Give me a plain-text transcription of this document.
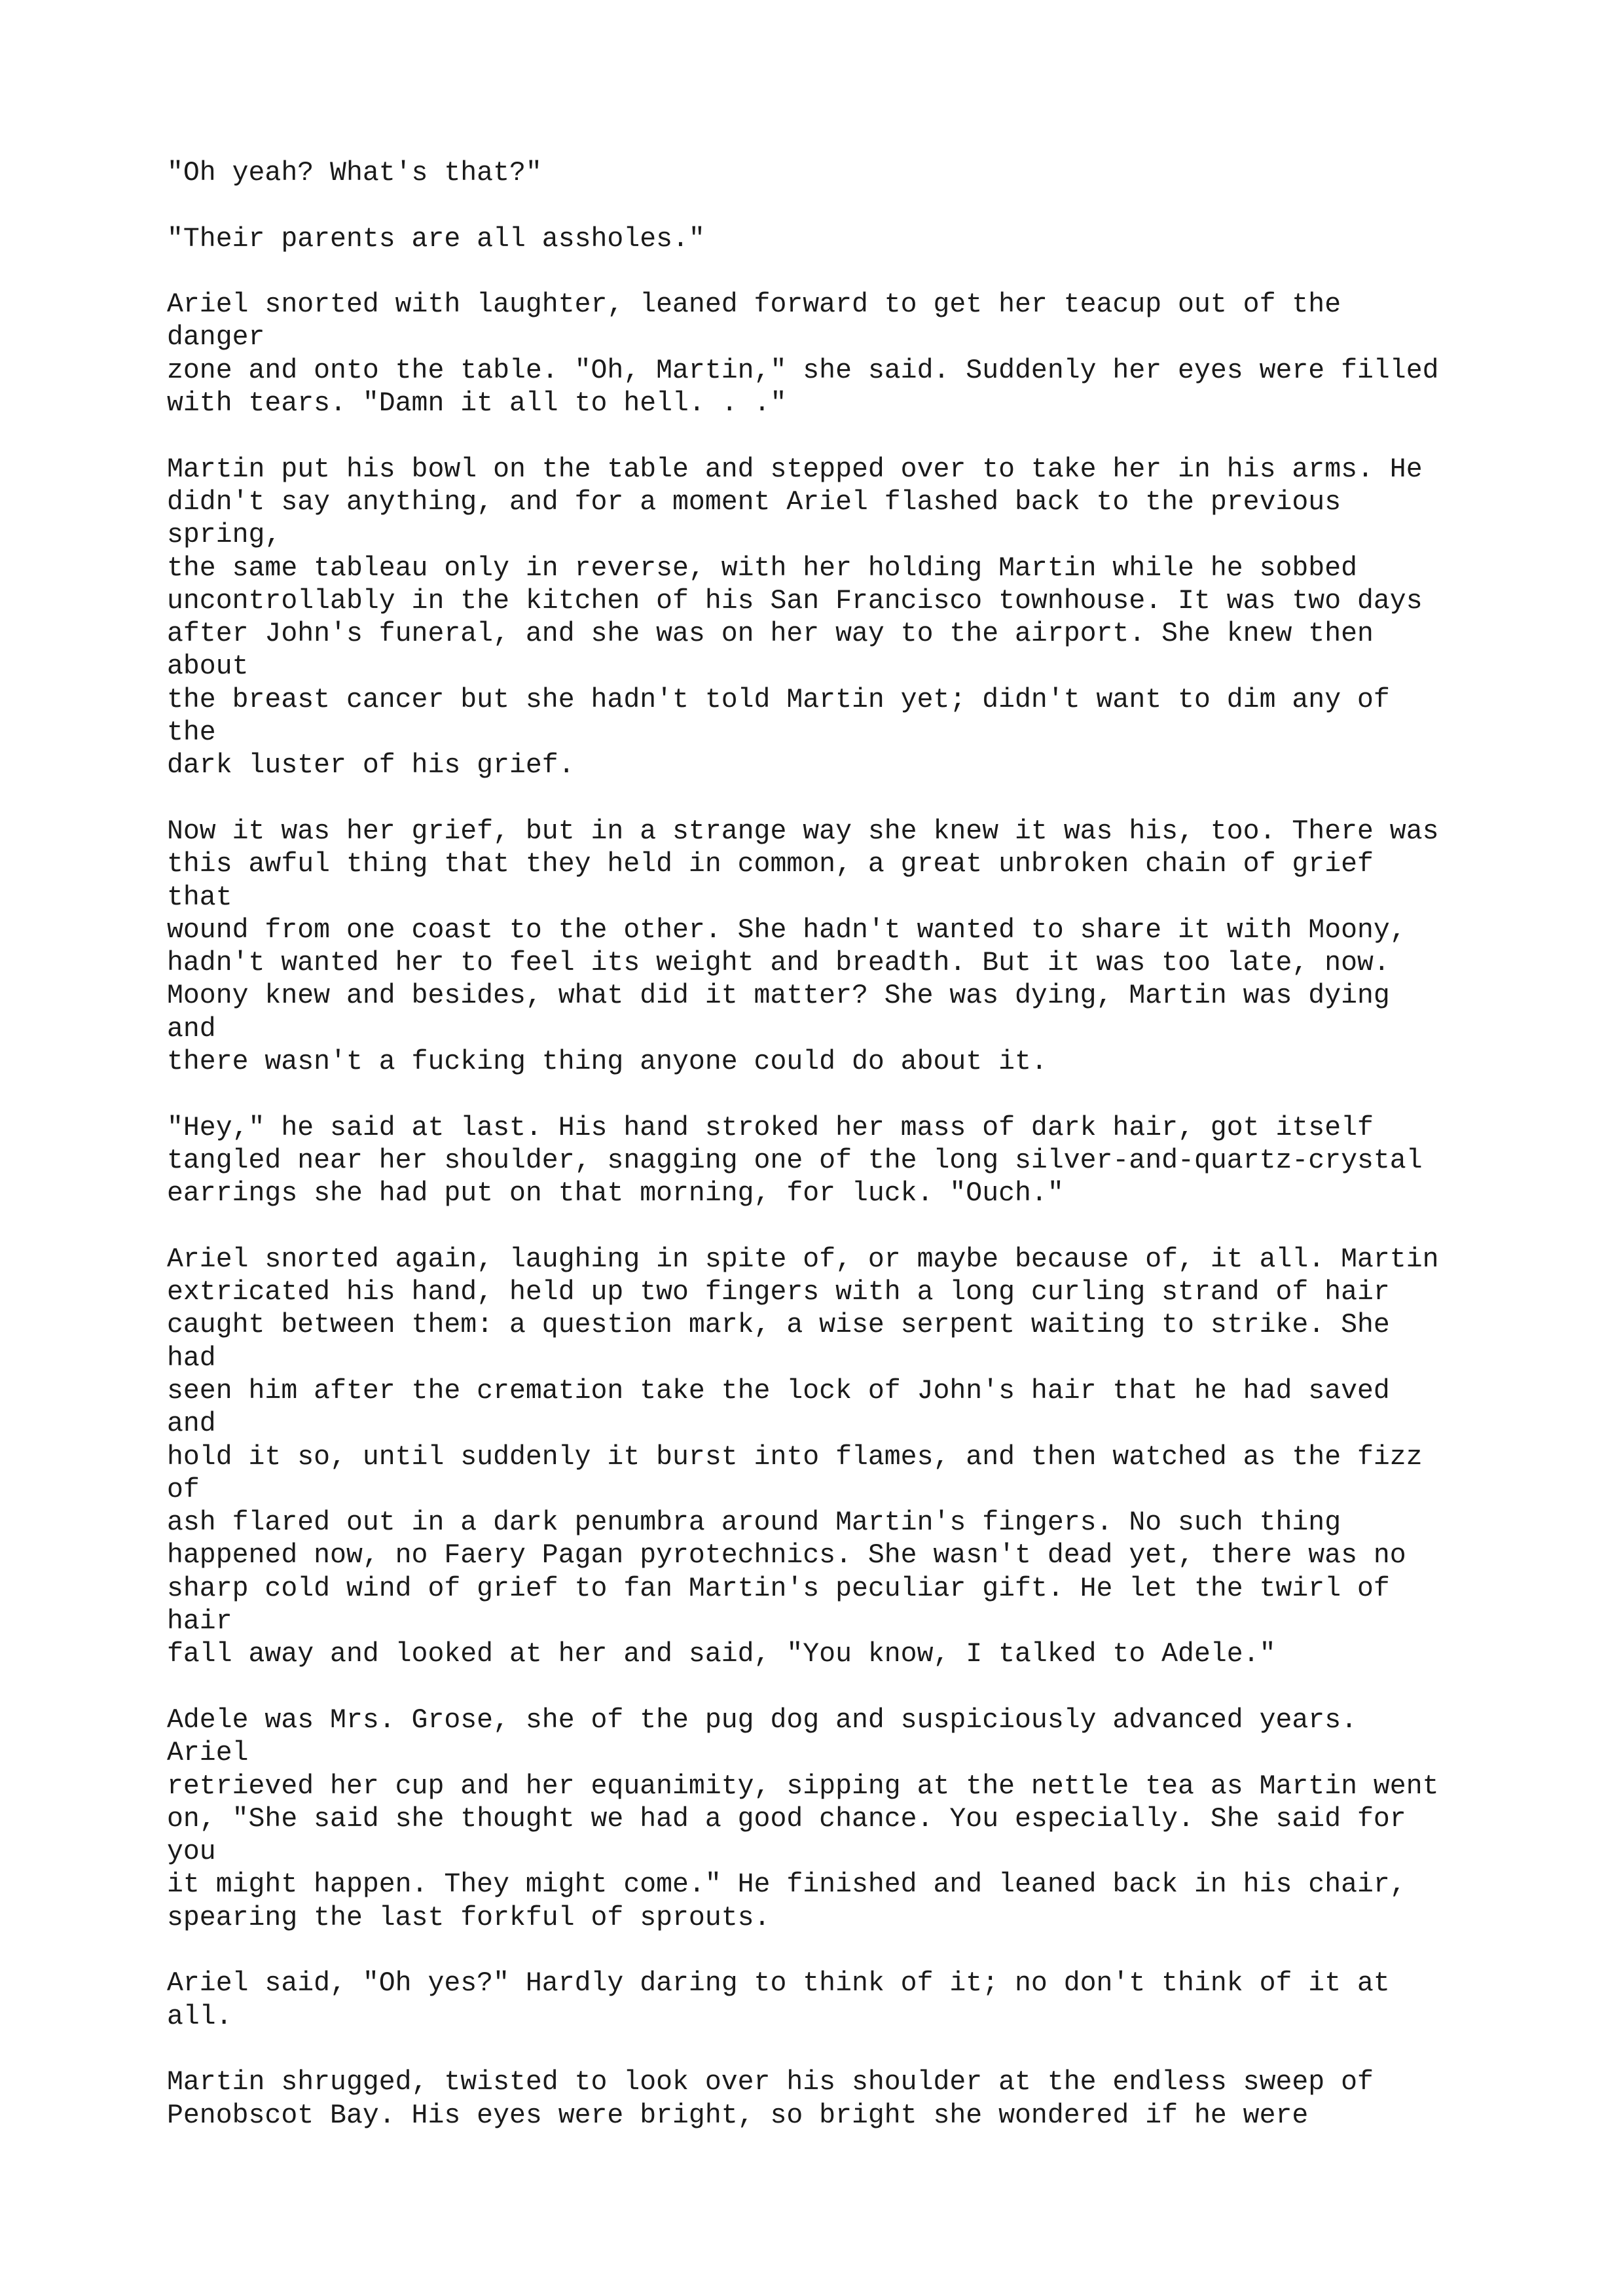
"Oh yeah? What's that?"
"Their parents are all assholes."
Ariel snorted with laughter, leaned forward to get her teacup out of the
danger
zone and onto the table. "Oh, Martin," she said. Suddenly her eyes were filled
with tears. "Damn it all to hell. . ."
Martin put his bowl on the table and stepped over to take her in his arms. He
didn't say anything, and for a moment Ariel flashed back to the previous
spring,
the same tableau only in reverse, with her holding Martin while he sobbed
uncontrollably in the kitchen of his San Francisco townhouse. It was two days
after John's funeral, and she was on her way to the airport. She knew then
about
the breast cancer but she hadn't told Martin yet; didn't want to dim any of
the
dark luster of his grief.
Now it was her grief, but in a strange way she knew it was his, too. There was
this awful thing that they held in common, a great unbroken chain of grief
that
wound from one coast to the other. She hadn't wanted to share it with Moony,
hadn't wanted her to feel its weight and breadth. But it was too late, now.
Moony knew and besides, what did it matter? She was dying, Martin was dying
and
there wasn't a fucking thing anyone could do about it.
"Hey," he said at last. His hand stroked her mass of dark hair, got itself
tangled near her shoulder, snagging one of the long silver-and-quartz-crystal
earrings she had put on that morning, for luck. "Ouch."
Ariel snorted again, laughing in spite of, or maybe because of, it all. Martin
extricated his hand, held up two fingers with a long curling strand of hair
caught between them: a question mark, a wise serpent waiting to strike. She
had
seen him after the cremation take the lock of John's hair that he had saved
and
hold it so, until suddenly it burst into flames, and then watched as the fizz
of
ash flared out in a dark penumbra around Martin's fingers. No such thing
happened now, no Faery Pagan pyrotechnics. She wasn't dead yet, there was no
sharp cold wind of grief to fan Martin's peculiar gift. He let the twirl of
hair
fall away and looked at her and said, "You know, I talked to Adele."
Adele was Mrs. Grose, she of the pug dog and suspiciously advanced years.
Ariel
retrieved her cup and her equanimity, sipping at the nettle tea as Martin went
on, "She said she thought we had a good chance. You especially. She said for
you
it might happen. They might come." He finished and leaned back in his chair,
spearing the last forkful of sprouts.
Ariel said, "Oh yes?" Hardly daring to think of it; no don't think of it at
all.
Martin shrugged, twisted to look over his shoulder at the endless sweep of
Penobscot Bay. His eyes were bright, so bright she wondered if he were
